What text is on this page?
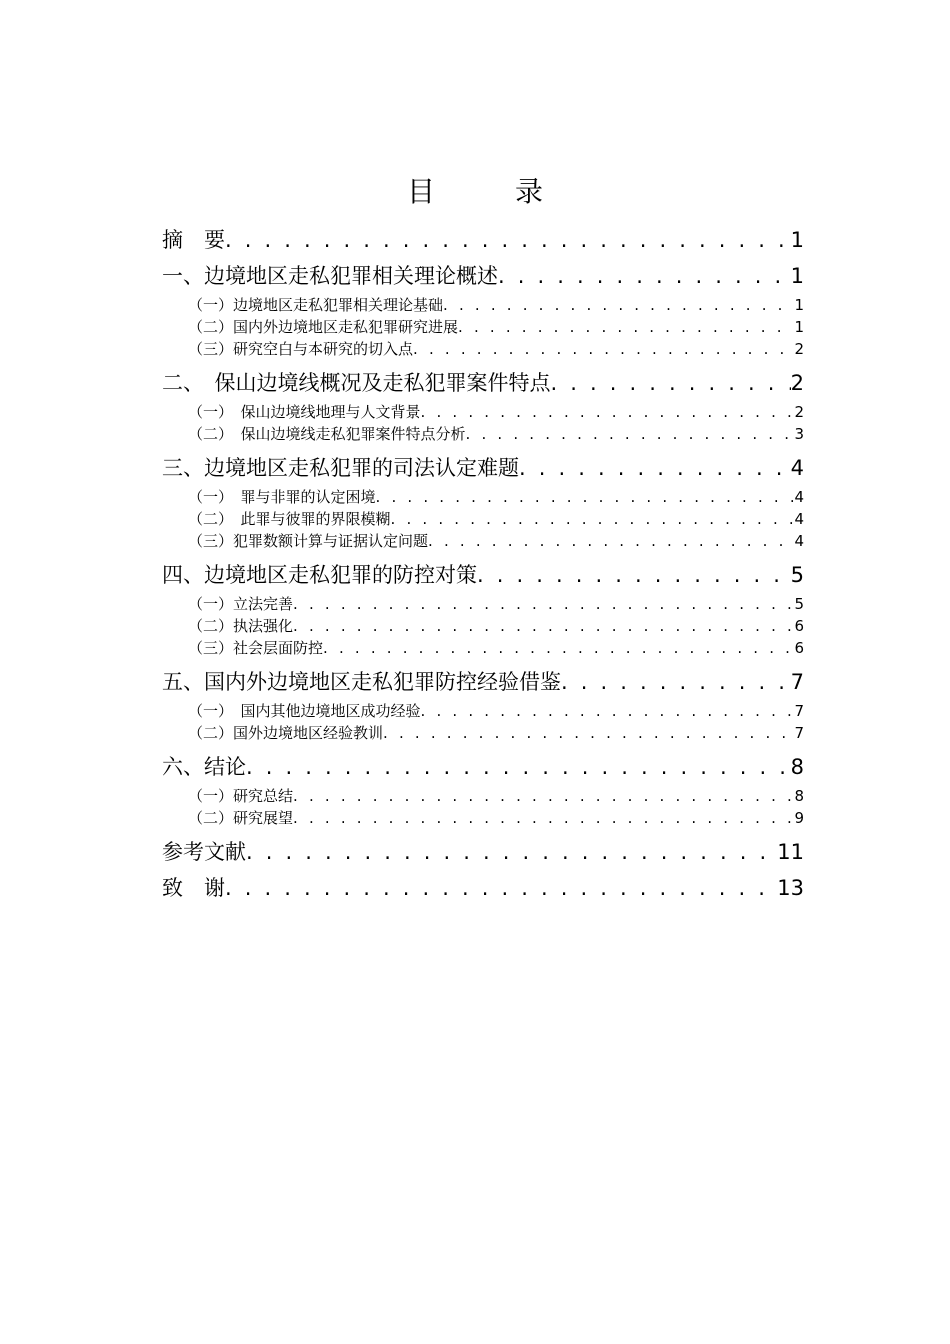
目　录
摘　要 . . .	1
一、边境地区走私犯罪相关理论概述 . . .	1
（一）边境地区走私犯罪相关理论基础 . . .	1
（二）国内外边境地区走私犯罪研究进展 . . .	1
（三）研究空白与本研究的切入点 . . .	2
二、　保山边境线概况及走私犯罪案件特点 . . .	2
（一）　保山边境线地理与人文背景 . . .	2
（二）　保山边境线走私犯罪案件特点分析 . . .	3
三、边境地区走私犯罪的司法认定难题 . . .	4
（一）　罪与非罪的认定困境 . . .	4
（二）　此罪与彼罪的界限模糊 . . .	4
（三）犯罪数额计算与证据认定问题 . . .	4
四、边境地区走私犯罪的防控对策 . . .	5
（一）立法完善 . . .	5
（二）执法强化 . . .	6
（三）社会层面防控 . . .	6
五、国内外边境地区走私犯罪防控经验借鉴 . . .	7
（一）　国内其他边境地区成功经验 . . .	7
（二）国外边境地区经验教训 . . .	7
六、结论 . . .	8
（一）研究总结 . . .	8
（二）研究展望 . . .	9
参考文献 . . .	11
致　谢 . . .	13
